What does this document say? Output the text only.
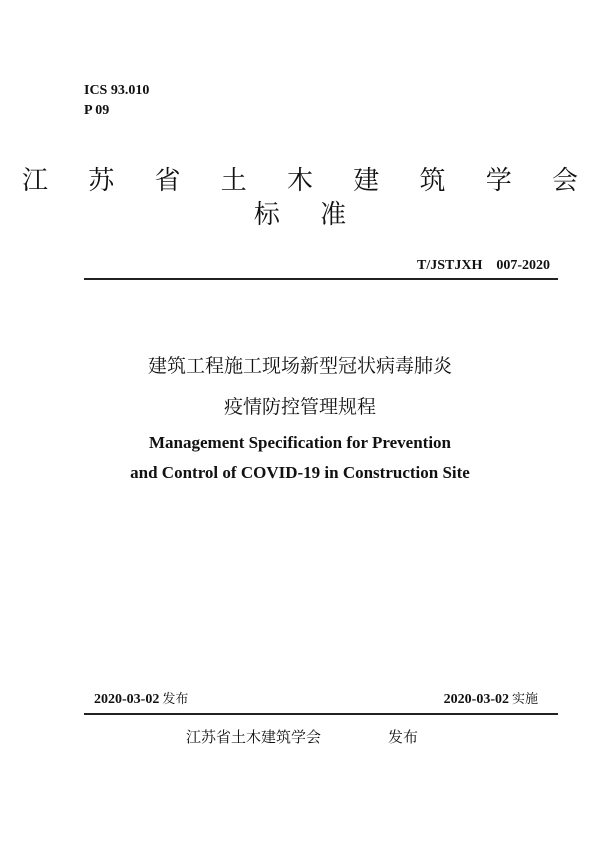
ICS 93.010
P 09
江 苏 省 土 木 建 筑 学 会 标 准
T/JSTJXH    007-2020
建筑工程施工现场新型冠状病毒肺炎
疫情防控管理规程
Management Specification for Prevention
and Control of COVID-19 in Construction Site
2020-03-02 发布	2020-03-02 实施
江苏省土木建筑学会	发布
